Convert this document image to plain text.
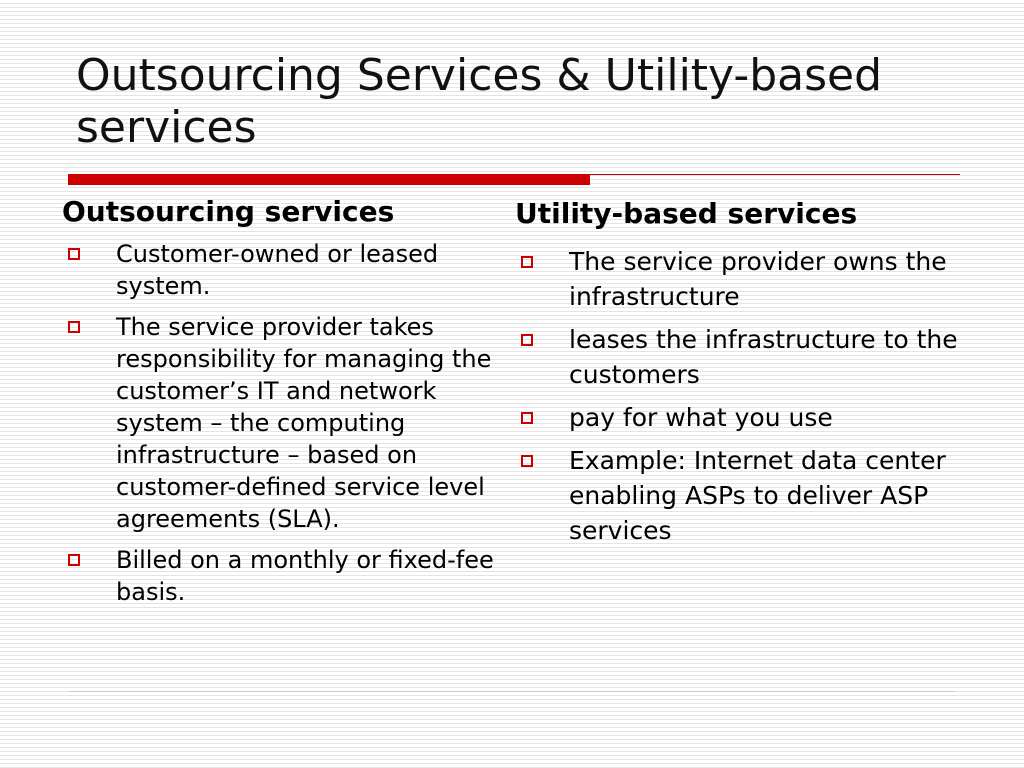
Outsourcing Services & Utility-based services
Outsourcing services
Customer-owned or leased system.
The service provider takes responsibility for managing the customer’s IT and network system – the computing infrastructure – based on customer-defined service level agreements (SLA).
Billed on a monthly or fixed-fee basis.
Utility-based services
The service provider owns the infrastructure
leases the infrastructure to the customers
pay for what you use
Example: Internet data center enabling ASPs to deliver ASP services
